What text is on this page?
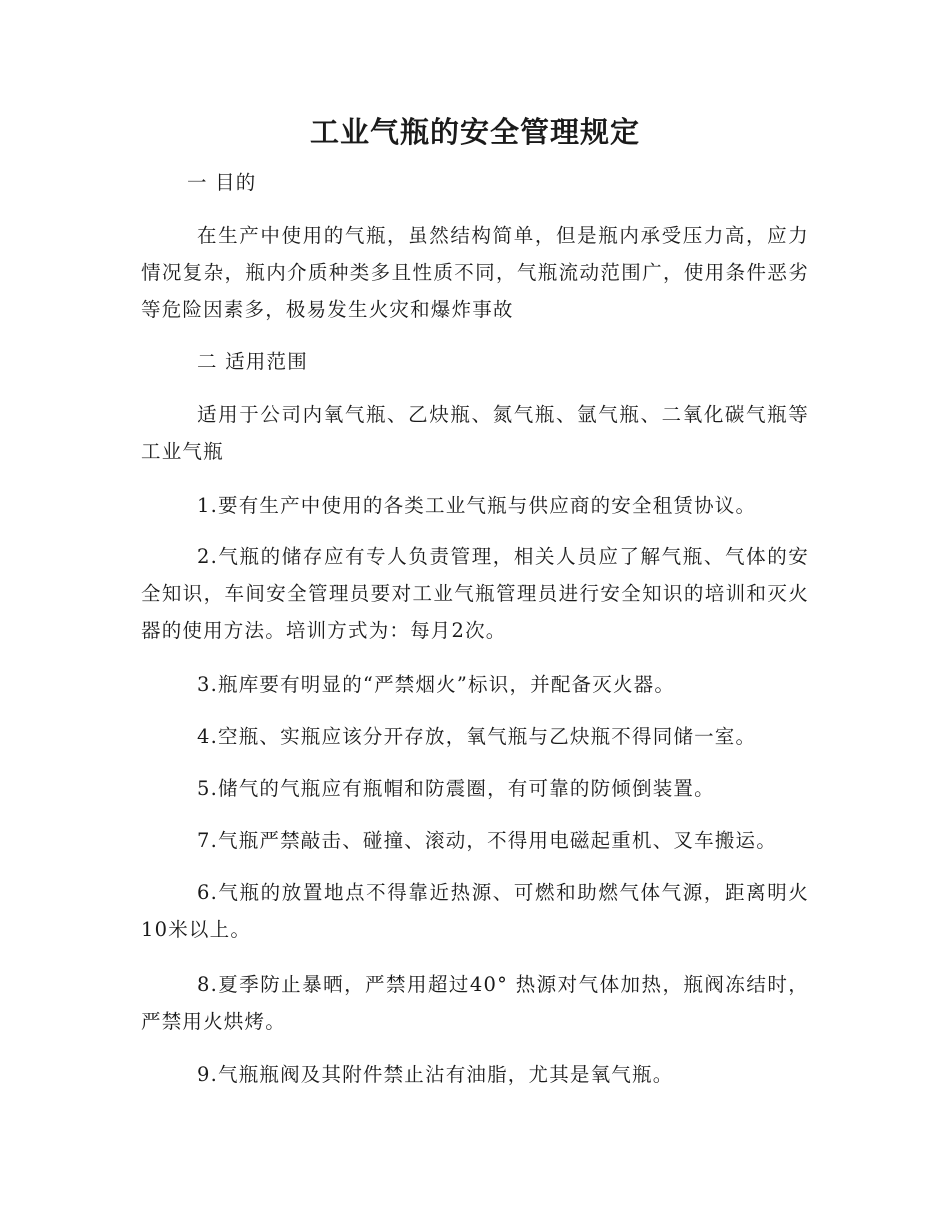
工业气瓶的安全管理规定

一 目的

在生产中使用的气瓶，虽然结构简单，但是瓶内承受压力高，应力情况复杂，瓶内介质种类多且性质不同，气瓶流动范围广，使用条件恶劣等危险因素多，极易发生火灾和爆炸事故

二 适用范围

适用于公司内氧气瓶、乙炔瓶、氮气瓶、氩气瓶、二氧化碳气瓶等工业气瓶

1.要有生产中使用的各类工业气瓶与供应商的安全租赁协议。

2.气瓶的储存应有专人负责管理，相关人员应了解气瓶、气体的安全知识，车间安全管理员要对工业气瓶管理员进行安全知识的培训和灭火器的使用方法。培训方式为：每月2次。

3.瓶库要有明显的“严禁烟火”标识，并配备灭火器。

4.空瓶、实瓶应该分开存放，氧气瓶与乙炔瓶不得同储一室。

5.储气的气瓶应有瓶帽和防震圈，有可靠的防倾倒装置。

7.气瓶严禁敲击、碰撞、滚动，不得用电磁起重机、叉车搬运。

6.气瓶的放置地点不得靠近热源、可燃和助燃气体气源，距离明火10米以上。

8.夏季防止暴晒，严禁用超过40° 热源对气体加热，瓶阀冻结时，严禁用火烘烤。

9.气瓶瓶阀及其附件禁止沾有油脂，尤其是氧气瓶。
